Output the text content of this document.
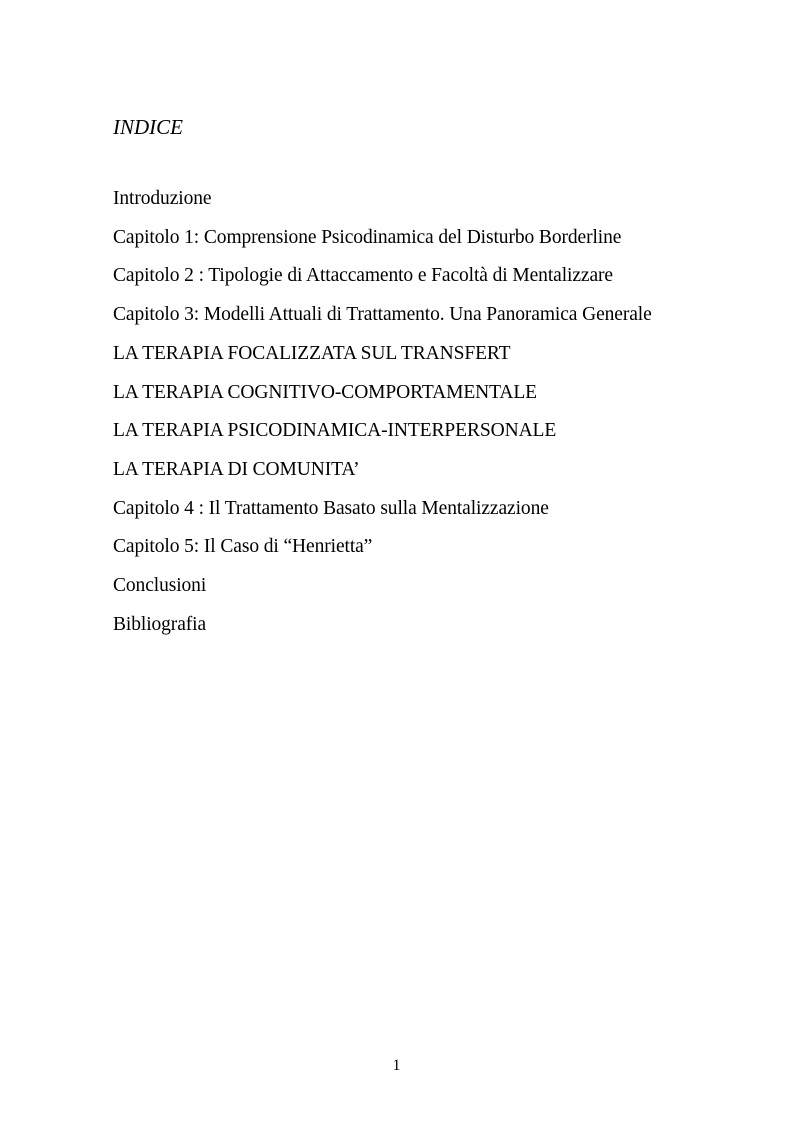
INDICE
Introduzione
Capitolo 1: Comprensione Psicodinamica del Disturbo Borderline
Capitolo 2 : Tipologie di Attaccamento e Facoltà di Mentalizzare
Capitolo 3: Modelli Attuali di Trattamento. Una Panoramica Generale
LA TERAPIA FOCALIZZATA SUL TRANSFERT
LA TERAPIA COGNITIVO-COMPORTAMENTALE
LA TERAPIA PSICODINAMICA-INTERPERSONALE
LA TERAPIA DI COMUNITA’
Capitolo 4 : Il Trattamento Basato sulla Mentalizzazione
Capitolo 5: Il Caso di “Henrietta”
Conclusioni
Bibliografia
1
